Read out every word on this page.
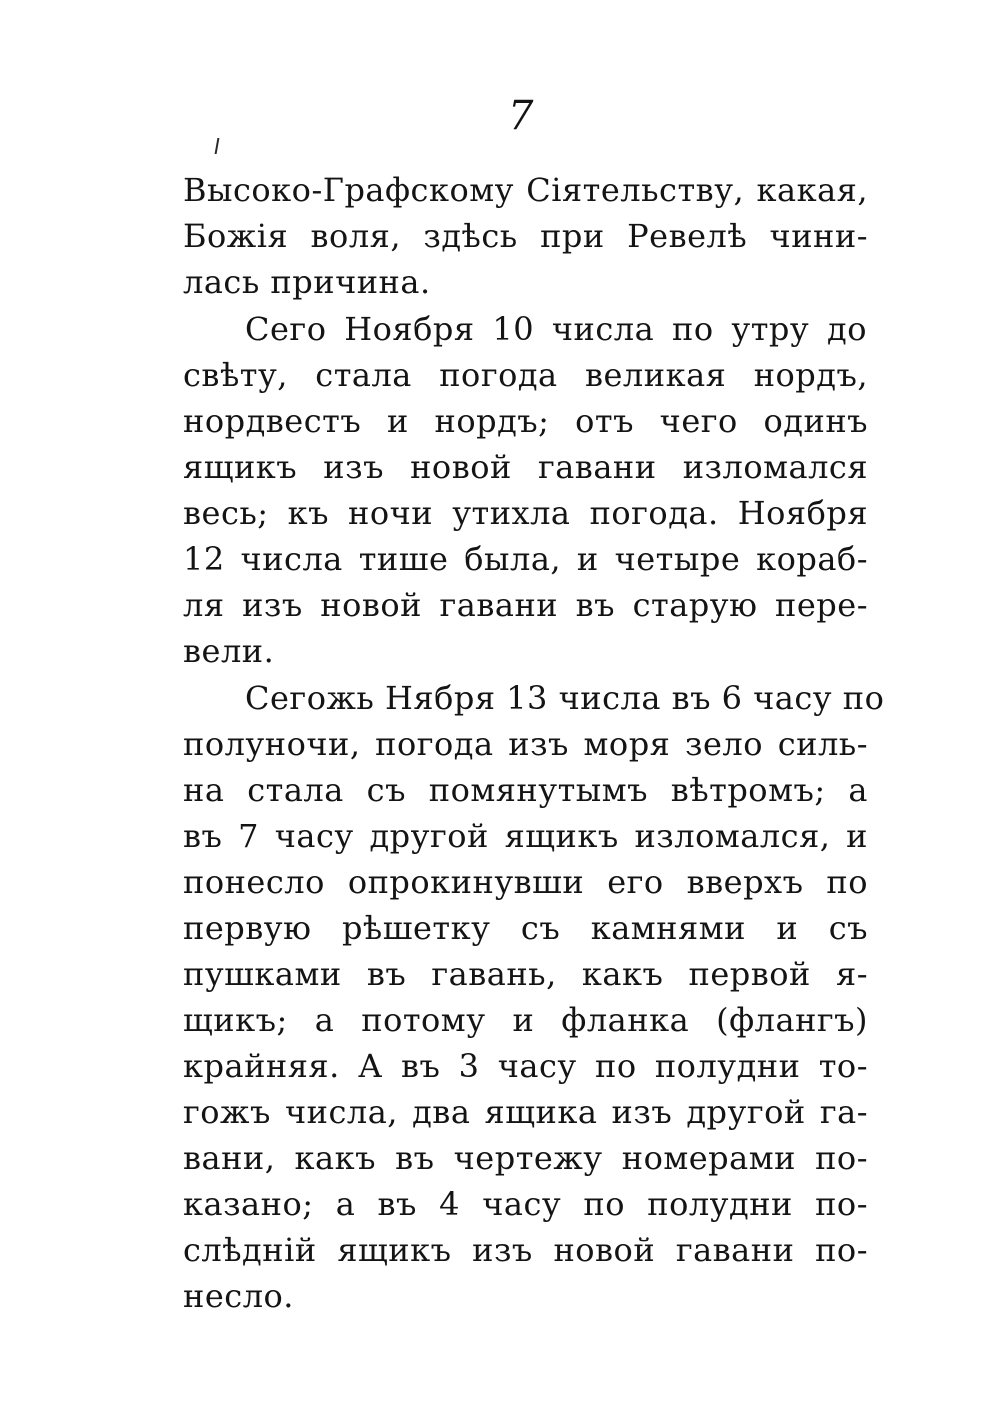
7
Высоко-Графскому Сіятельству, какая,
Божія воля, здѣсь при Ревелѣ чини-
лась причина.
Сего Ноября 10 числа по утру до
свѣту, стала погода великая нордъ,
нордвестъ и нордъ; отъ чего одинъ
ящикъ изъ новой гавани изломался
весь; къ ночи утихла погода. Ноября
12 числа тише была, и четыре кораб-
ля изъ новой гавани въ старую пере-
вели.
Сегожь Нября 13 числа въ 6 часу по
полуночи, погода изъ моря зело силь-
на стала съ помянутымъ вѣтромъ; а
въ 7 часу другой ящикъ изломался, и
понесло опрокинувши его вверхъ по
первую рѣшетку съ камнями и съ
пушками въ гавань, какъ первой я-
щикъ; а потому и фланка (флангъ)
крайняя. А въ 3 часу по полудни то-
гожъ числа, два ящика изъ другой га-
вани, какъ въ чертежу номерами по-
казано; а въ 4 часу по полудни по-
слѣдній ящикъ изъ новой гавани по-
несло.
